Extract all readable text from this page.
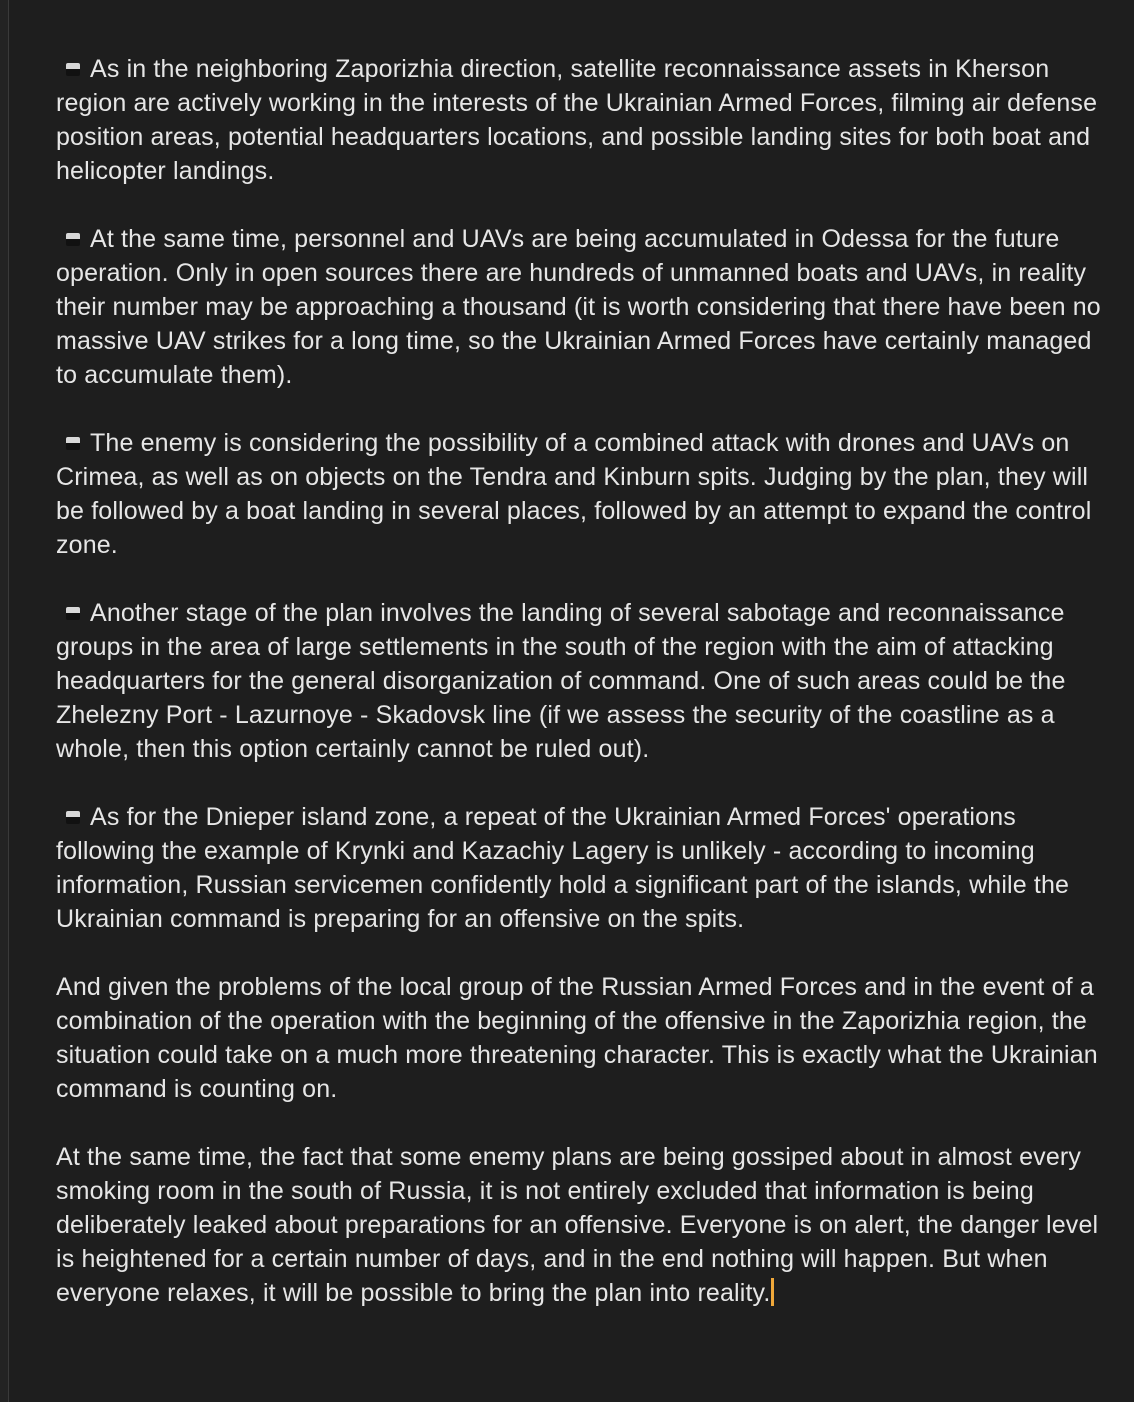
As in the neighboring Zaporizhia direction, satellite reconnaissance assets in Kherson region are actively working in the interests of the Ukrainian Armed Forces, filming air defense position areas, potential headquarters locations, and possible landing sites for both boat and helicopter landings.

At the same time, personnel and UAVs are being accumulated in Odessa for the future operation. Only in open sources there are hundreds of unmanned boats and UAVs, in reality their number may be approaching a thousand (it is worth considering that there have been no massive UAV strikes for a long time, so the Ukrainian Armed Forces have certainly managed to accumulate them).

The enemy is considering the possibility of a combined attack with drones and UAVs on Crimea, as well as on objects on the Tendra and Kinburn spits. Judging by the plan, they will be followed by a boat landing in several places, followed by an attempt to expand the control zone.

Another stage of the plan involves the landing of several sabotage and reconnaissance groups in the area of large settlements in the south of the region with the aim of attacking headquarters for the general disorganization of command. One of such areas could be the Zhelezny Port - Lazurnoye - Skadovsk line (if we assess the security of the coastline as a whole, then this option certainly cannot be ruled out).

As for the Dnieper island zone, a repeat of the Ukrainian Armed Forces' operations following the example of Krynki and Kazachiy Lagery is unlikely - according to incoming information, Russian servicemen confidently hold a significant part of the islands, while the Ukrainian command is preparing for an offensive on the spits.

And given the problems of the local group of the Russian Armed Forces and in the event of a combination of the operation with the beginning of the offensive in the Zaporizhia region, the situation could take on a much more threatening character. This is exactly what the Ukrainian command is counting on.

At the same time, the fact that some enemy plans are being gossiped about in almost every smoking room in the south of Russia, it is not entirely excluded that information is being deliberately leaked about preparations for an offensive. Everyone is on alert, the danger level is heightened for a certain number of days, and in the end nothing will happen. But when everyone relaxes, it will be possible to bring the plan into reality.
